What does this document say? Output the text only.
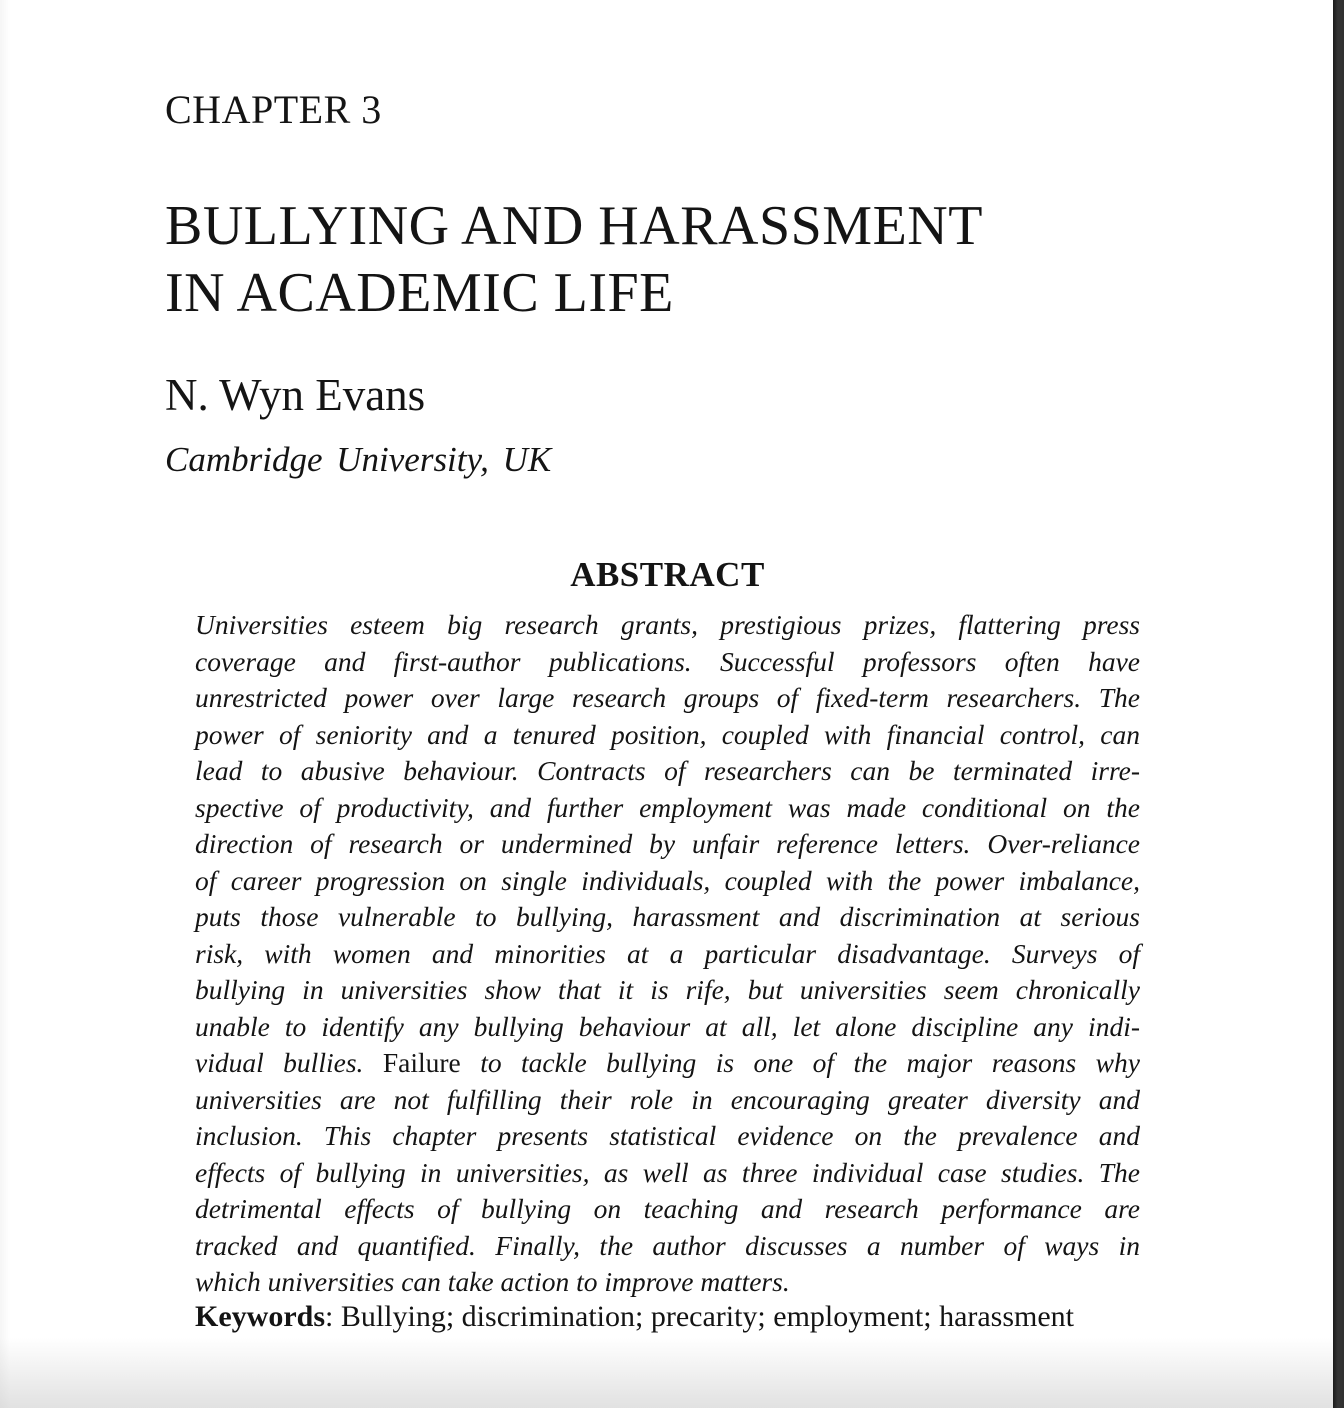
CHAPTER 3
BULLYING AND HARASSMENT
IN ACADEMIC LIFE
N. Wyn Evans
Cambridge University, UK
ABSTRACT
Universities esteem big research grants, prestigious prizes, flattering press
coverage and first-author publications. Successful professors often have
unrestricted power over large research groups of fixed-term researchers. The
power of seniority and a tenured position, coupled with financial control, can
lead to abusive behaviour. Contracts of researchers can be terminated irre-
spective of productivity, and further employment was made conditional on the
direction of research or undermined by unfair reference letters. Over-reliance
of career progression on single individuals, coupled with the power imbalance,
puts those vulnerable to bullying, harassment and discrimination at serious
risk, with women and minorities at a particular disadvantage. Surveys of
bullying in universities show that it is rife, but universities seem chronically
unable to identify any bullying behaviour at all, let alone discipline any indi-
vidual bullies. Failure to tackle bullying is one of the major reasons why
universities are not fulfilling their role in encouraging greater diversity and
inclusion. This chapter presents statistical evidence on the prevalence and
effects of bullying in universities, as well as three individual case studies. The
detrimental effects of bullying on teaching and research performance are
tracked and quantified. Finally, the author discusses a number of ways in
which universities can take action to improve matters.

Keywords: Bullying; discrimination; precarity; employment; harassment
